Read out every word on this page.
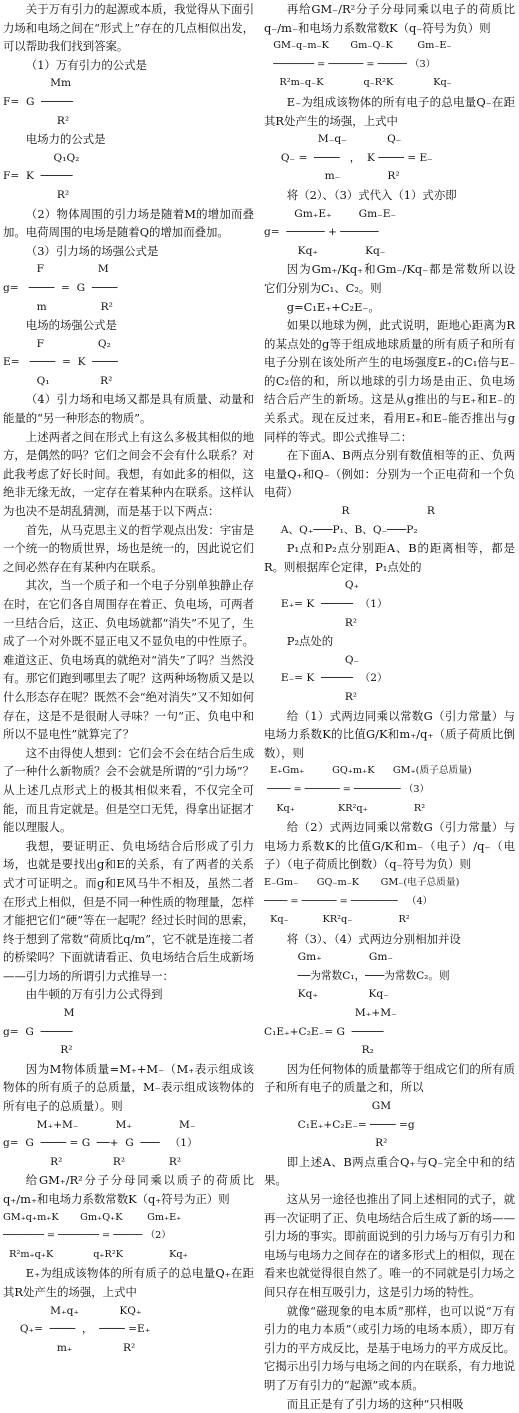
关于万有引力的起源或本质，我觉得从下面引力场和电场之间在“形式上”存在的几点相似出发，可以帮助我们找到答案。

（1）万有引力的公式是

Mm
F=  G  ─────
R²

电场力的公式是

Q₁Q₂
F=  K  ─────
R²

（2）物体周围的引力场是随着M的增加而叠加。电荷周围的电场是随着Q的增加而叠加。

（3）引力场的场强公式是

F                M
g=   ────  =  G  ────
m                R²

电场的场强公式是

F                Q₂
E=   ────  =  K  ────
Q₁               R²

（4）引力场和电场又都是具有质量、动量和能量的“另一种形态的物质”。

上述两者之间在形式上有这么多极其相似的地方，是偶然的吗？它们之间会不会有什么联系？对此我考虑了好长时间。我想，有如此多的相似，这绝非无缘无故，一定存在着某种内在联系。这样认为也决不是胡乱猜测，而是基于以下两点：

首先，从马克思主义的哲学观点出发：宇宙是一个统一的物质世界，场也是统一的，因此说它们之间必然存在有某种内在联系。

其次，当一个质子和一个电子分别单独静止存在时，在它们各自周围存在着正、负电场，可两者一旦结合后，这正、负电场就都“消失”不见了，生成了一个对外既不显正电又不显负电的中性原子。难道这正、负电场真的就绝对“消失”了吗？当然没有。那它们跑到哪里去了呢？这两种场物质又是以什么形态存在呢？既然不会“绝对消失”又不知如何存在，这是不是很耐人寻味？一句“正、负电中和所以不显电性”就算完了？

这不由得使人想到：它们会不会在结合后生成了一种什么新物质？会不会就是所谓的“引力场”？从上述几点形式上的极其相似来看，不仅完全可能，而且肯定就是。但是空口无凭，得拿出证据才能以理服人。

我想，要证明正、负电场结合后形成了引力场，也就是要找出g和E的关系，有了两者的关系式才可证明之。而g和E风马牛不相及，虽然二者在形式上相似，但是不同一种性质的物理量，怎样才能把它们“硬”等在一起呢？经过长时间的思索，终于想到了常数“荷质比q/m”，它不就是连接二者的桥梁吗？下面就请看正、负电场结合后生成新场——引力场的所谓引力式推导一：

由牛顿的万有引力公式得到

M
g=  G  ─────
R²

因为M物体质量=M₊+M₋（M₊表示组成该物体的所有质子的总质量，M₋表示组成该物体的所有电子的总质量）。则

M₊+M₋           M₊              M₋
g=  G  ──── = G  ──+  G  ───   （1）
R²               R²             R²

给GM₊/R²分子分母同乘以质子的荷质比q₊/m₊和电场力系数常数K（q₊符号为正）则

GM₊q₊m₊K       Gm₊Q₊K        Gm₊E₊
─────── = ─────── = ───── （2）
R²m₊q₊K             q₊R²K               Kq₊

E₊为组成该物体的所有质子的总电量Q₊在距其R处产生的场强，上式中

M₊q₊            KQ₊
Q₊=  ────  ，  ──── =E₊
m₊               R²

再给GM₋/R²分子分母同乘以电子的荷质比q₋/m₋和电场力系数常数K（q₋符号为负）则

GM₋q₋m₋K       Gm₋Q₋K        Gm₋E₋
─────── = ────── = ───── （3）
R²m₋q₋K             q₋R²K             Kq₋

E₋为组成该物体的所有电子的总电量Q₋在距其R处产生的场强，上式中

M₋q₋            Q₋
Q₋ =  ────   ，  K ──── = E₋
m₋              R²

将（2）、（3）式代入（1）式亦即

Gm₊E₊        Gm₋E₋
g=  ────── + ──────
Kq₊              Kq₋

因为Gm₊/Kq₊和Gm₋/Kq₋都是常数所以设它们分别为C₁、C₂。则

g=C₁E₊+C₂E₋。

如果以地球为例，此式说明，距地心距离为R的某点处的g等于组成地球质量的所有质子和所有电子分别在该处所产生的电场强度E₊的C₁倍与E₋的C₂倍的和，所以地球的引力场是由正、负电场结合后产生的新场。这是从g推出的与E₊和E₋的关系式。现在反过来，看用E₊和E₋能否推出与g同样的等式。即公式推导二：

在下面A、B两点分别有数值相等的正、负两电量Q₊和Q₋（例如：分别为一个正电荷和一个负电荷）

R                       R
A、Q₊───P₁、B、Q₋───P₂

P₁点和P₂点分别距A、B的距离相等，都是R。则根据库仑定律，P₁点处的

Q₊
E₊= K  ─────  （1）
R²

P₂点处的

Q₋
E₋= K  ─────  （2）
R²

给（1）式两边同乘以常数G（引力常量）与电场力系数K的比值G/K和m₊/q₊（质子荷质比倒数），则

E₊Gm₊         GQ₊m₊K      GM₊(质子总质量)
──── = ────── = ──────── （3）
Kq₊              KR²q₊               R²

给（2）式两边同乘以常数G（引力常量）与电场力系数K的比值G/K和m₋（电子）/q₋（电子）（电子荷质比倒数）（q₋符号为负）则

E₋Gm₋      GQ₋m₋K       GM₋(电子总质量)
──── = ────── = ────────   （4）
Kq₋           KR²q₋               R²

将（3）、（4）式两边分别相加并设

Gm₊              Gm₋
──为常数C₁，───为常数C₂。则
Kq₊               Kq₋
M₊+M₋
C₁E₊+C₂E₋= G  ─────
R₂

因为任何物体的质量都等于组成它们的所有质子和所有电子的质量之和，所以

GM
C₁E₊+C₂E₋= ──── =g
R²

即上述A、B两点重合Q₊与Q₋完全中和的结果。

这从另一途径也推出了同上述相同的式子，就再一次证明了正、负电场结合后生成了新的场——引力场的事实。即前面说到的引力场与万有引力和电场与电场力之间存在的诸多形式上的相似，现在看来也就觉得很自然了。唯一的不同就是引力场之间只存在相互吸引力，这是引力场的特性。

就像“磁现象的电本质”那样，也可以说“万有引力的电力本质”（或引力场的电场本质），即万有引力的平方成反比，是基于电场力的平方成反比。它揭示出引力场与电场之间的内在联系，有力地说明了万有引力的“起源”或本质。

而且正是有了引力场的这种“只相吸
